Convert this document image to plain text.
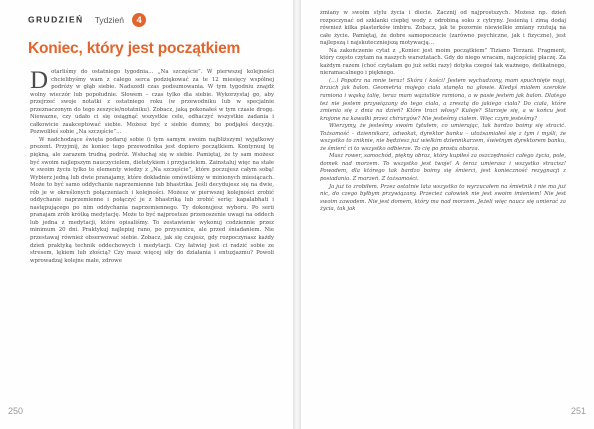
GRUDZIEŃ Tydzień 4
Koniec, który jest początkiem

Dotarliśmy do ostatniego tygodnia… „Na szczęście”. W pierwszej kolejności chcielibyśmy wam z całego serca podziękować za te 12 miesięcy wspólnej podróży w głąb siebie. Nadszedł czas podsumowania. W tym tygodniu znajdź wolny wieczór lub popołudnie. Słowem – czas tylko dla siebie. Wykorzystaj go, aby przejrzeć swoje notatki z ostatniego roku (w przewodniku lub w specjalnie przeznaczonym do tego zeszycie/notatniku). Zobacz, jaką pokonałeś w tym czasie drogę. Niewazne, czy udało ci się osiągnąć wszystkie cele, odhaczyć wszystkie zadania i całkowicie zaakceptować siebie. Możesz być z siebie dumny, bo podjąłeś decyzję. Pozwoliłeś sobie „Na szczęście”…

W nadchodzące święta podaruj sobie (i tym samym swoim najbliższym) wyjątkowy prezent. Przyjmij, że koniec tego przewodnika jest dopiero początkiem. Kontynuuj tę piękną, ale zarazem trudną podróż. Wsłuchaj się w siebie. Pamiętaj, że ty sam możesz być swoim najlepszym nauczycielem, dietetykiem i przyjacielem. Zainstaluj więc na stałe w swoim życiu tylko te elementy wiedzy z „Na szczęście”, które poczujesz całym sobą! Wybierz jedną lub dwie pranajamy, które dokładnie omówiliśmy w minionych miesiącach. Może to być samo oddychanie naprzemienne lub bhastrika. Jeśli decydujesz się na dwie, rób je w określonych połączeniach i kolejności. Możesz w pierwszej kolejności zrobić oddychanie naprzemienne i połączyć je z bhastriką lub zrobić serię: kapalabhati i następującego po nim oddychania naprzemiennego. Ty dokonujesz wyboru. Po serii pranajam zrób krótką medytację. Może to być najprostsze przenoszenie uwagi na oddech lub jedna z medytacji, które opisaliśmy. To zestawienie wykonuj codziennie przez minimum 20 dni. Praktykuj najlepiej rano, po przysznicu, ale przed śniadaniem. Nie przestawaj również obserwować siebie. Zobacz, jak się czujesz, gdy rozpoczynasz każdy dzień praktyką technik oddechowych i medytacji. Czy łatwiej jest ci radzić sobie ze stresem, lękiem lub złością? Czy masz więcej siły do działania i entuzjazmu? Powoli wprowadzaj kolejne małe, zdrowe

250

zmiany w swoim stylu życia i diecie. Zacznij od najprostszych. Możesz np. dzień rozpoczynać od szklanki ciepłej wody z odrobiną soku z cytryny. Jesienią i zimą dodaj również kilka plasterków imbiru. Zobacz, jak te pozornie niewielkie zmiany rzutują na całe życie. Pamiętaj, że dobre samopoczucie (zarówno psychiczne, jak i fizyczne), jest najlepszą i najskuteczniejszą motywacją…

Na zakończenie cytat z „Koniec jest moim początkiem” Tiziano Terzani. Fragment, który często czytam na naszych warsztatach. Gdy do niego wracam, najczęściej płaczę. Za każdym razem (choć czytałam go już setki razy) dotyka czegoś tak ważnego, delikatnego, nieramacalnego i pięknego.

(…) Popatrz na mnie teraz! Skóra i kości! Jestem wychudzony, mam spuchnięte nogi, brzuch jak balon. Geometria mojego ciała stanęła na głowie. Kiedyś miałem szerokie ramiona i wąską talię, teraz mam wąziutkie ramiona, a w pasie jestem jak balon. Dlatego też nie jestem przywiązany do tego ciała, a zresztą do jakiego ciała? Do ciała, które zmienia się z dnia na dzień? Które traci włosy? Kuleje? Starzeje się, a w końcu jest krojone na kawałki przez chirurgów? Nie jesteśmy ciałem. Więc czym jesteśmy?

Wierzymy, że jesteśmy swoim tytułem, co umierając, tak bardzo boimy się stracić. Tożsamość – dziennikarz, adwokat, dyrektor banku – utożsamiałeś się z tym i myśli, że wszystko to zniknie, nie będziesz już wielkim dziennikarzem, świetnym dyrektorem banku, że śmierć ci to wszystko odbierze. To cię po prostu obarza.

Masz rower, samochód, piękny obraz, który kupiłeś za oszczędności całego życia, pole, domek nad morzem. To wszystko jest twoje! A teraz umierasz i wszystko stracisz! Powodem, dla którego tak bardzo boimy się śmierci, jest konieczność rezygnacji z posiadania. Z marzeń. Z tożsamości.

Ja już to zrobiłem. Przez ostatnie lata wszystko to wyrzucałem na śmietnik i nie ma już nic, do czego byłbym przywiązany. Przecież całowiek nie jest swoim imieniem! Nie jest swoim zawodem. Nie jest domem, który ma nad morzem. Jeżeli więc naucz się umierać za życia, tak jak

251
